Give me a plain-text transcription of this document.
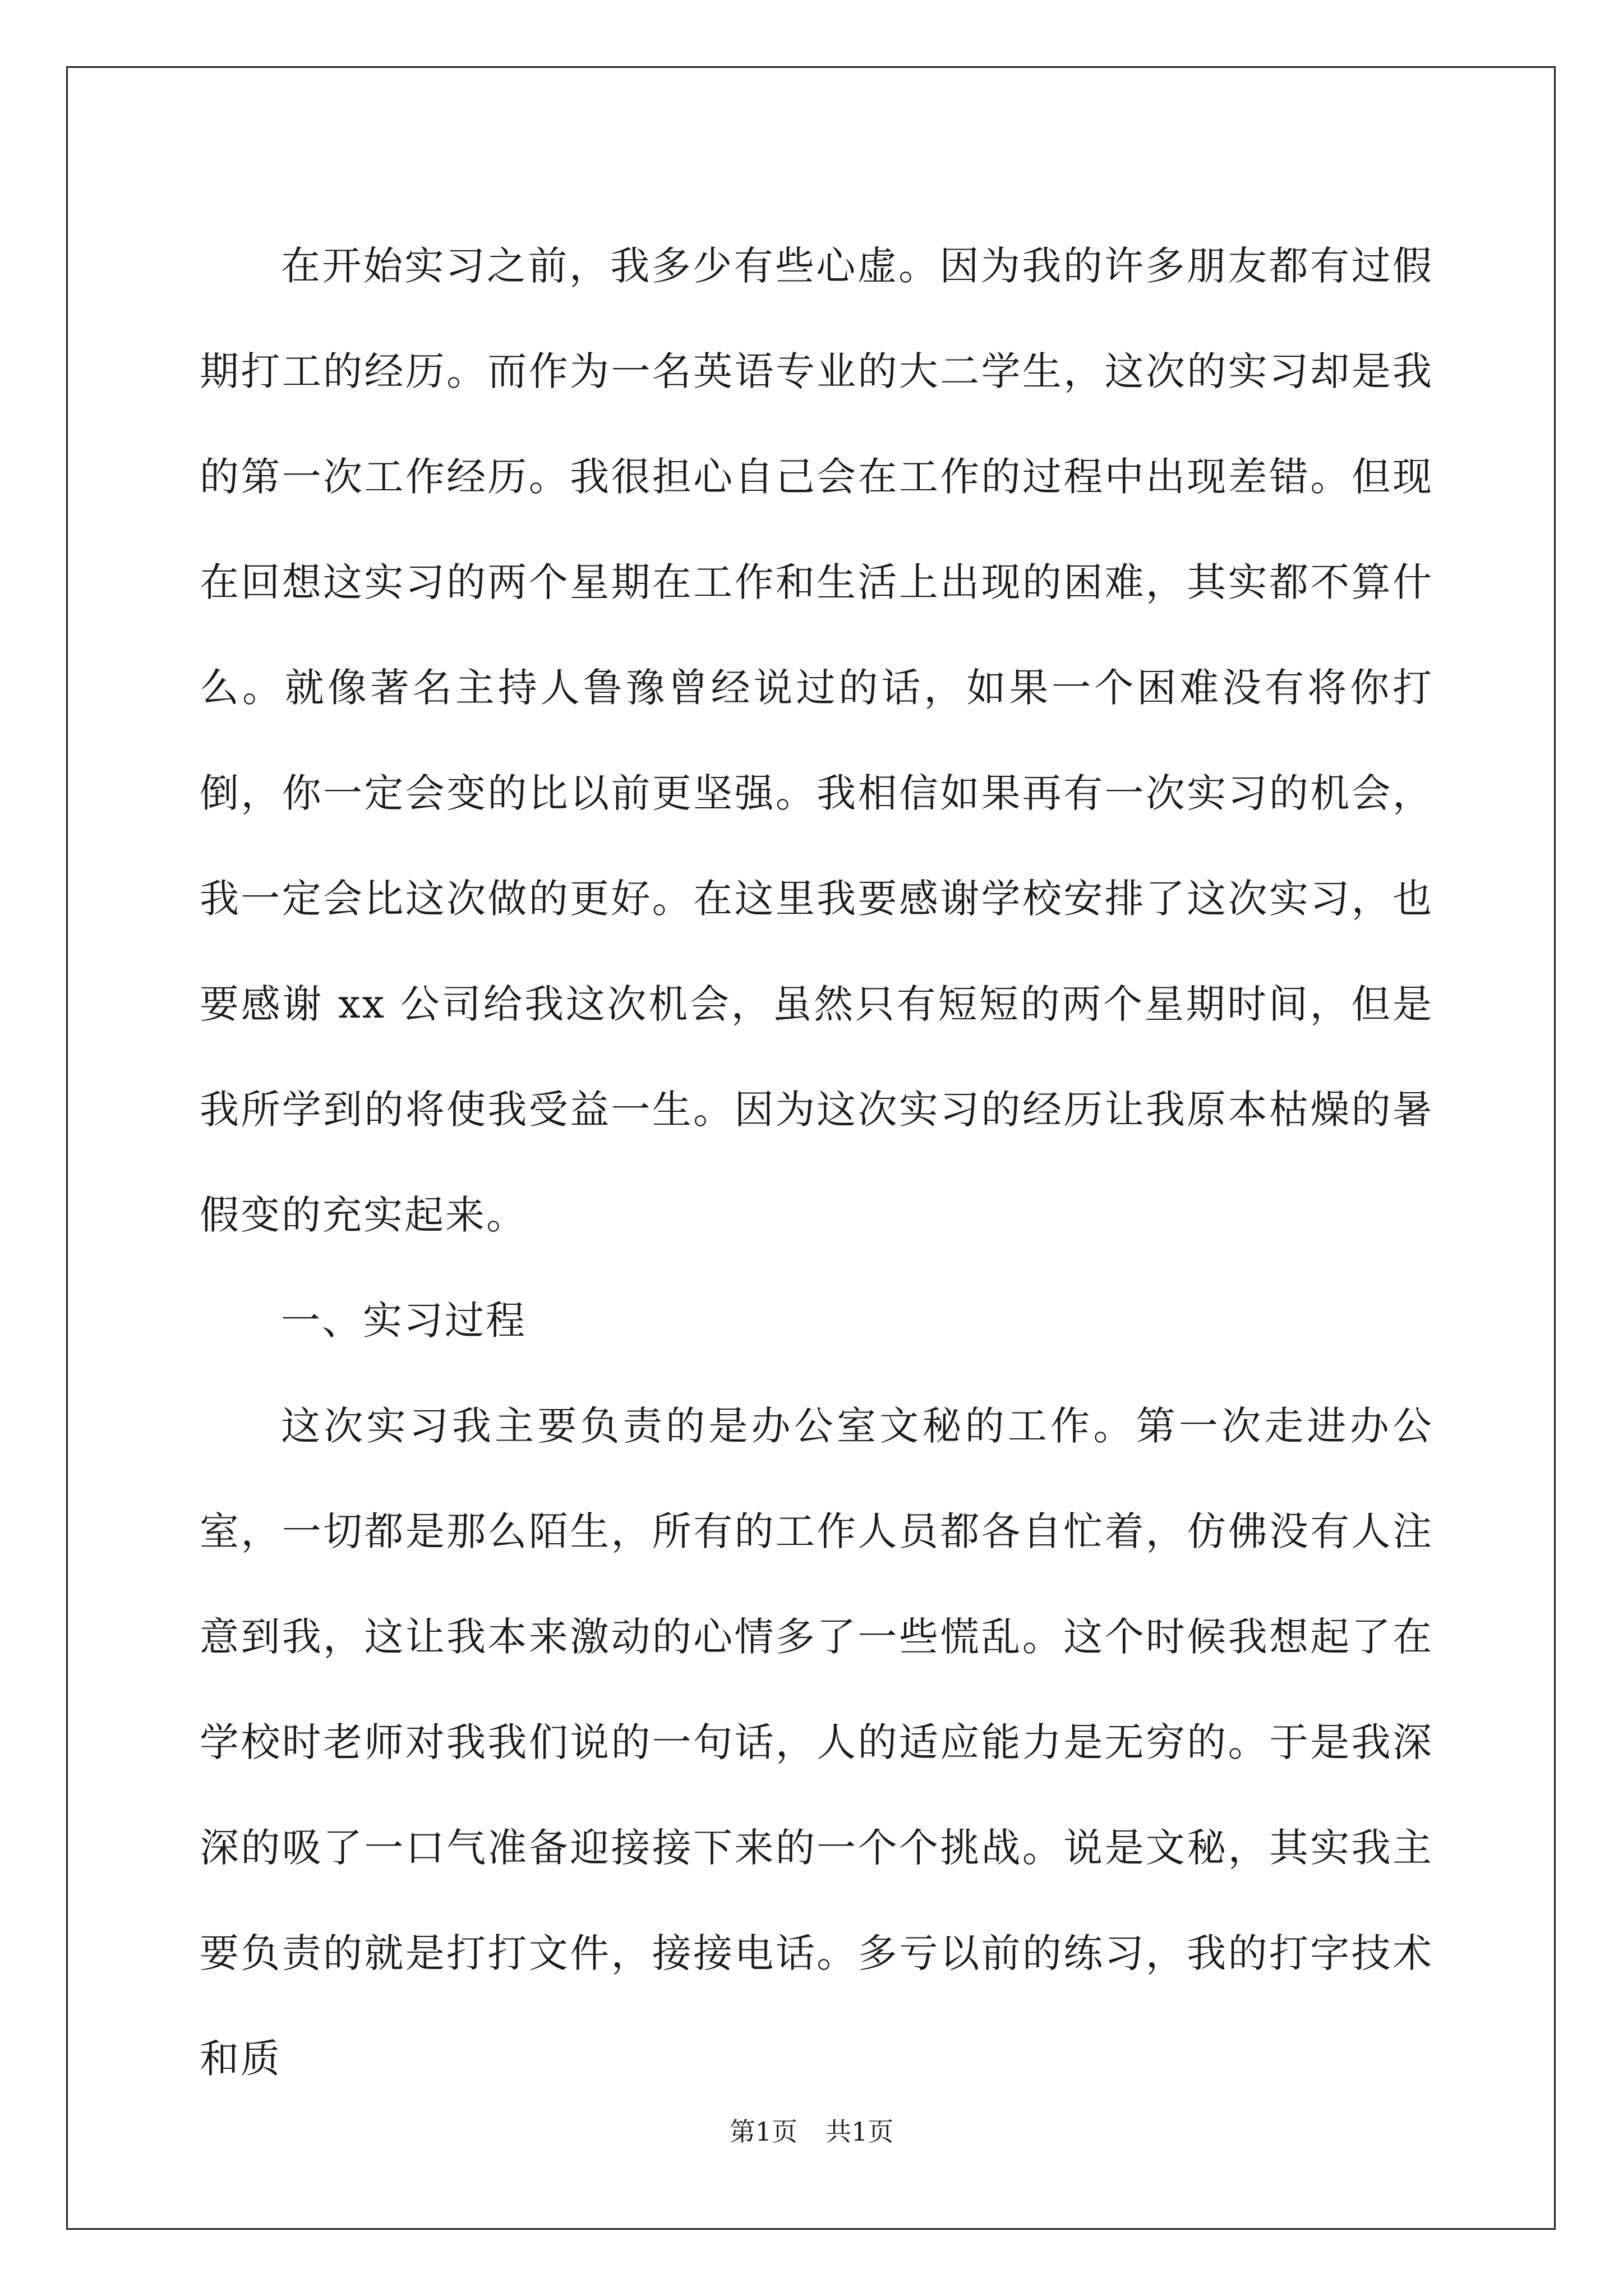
在开始实习之前，我多少有些心虚。因为我的许多朋友都有过假期打工的经历。而作为一名英语专业的大二学生，这次的实习却是我的第一次工作经历。我很担心自己会在工作的过程中出现差错。但现在回想这实习的两个星期在工作和生活上出现的困难，其实都不算什么。就像著名主持人鲁豫曾经说过的话，如果一个困难没有将你打倒，你一定会变的比以前更坚强。我相信如果再有一次实习的机会，我一定会比这次做的更好。在这里我要感谢学校安排了这次实习，也要感谢 xx 公司给我这次机会，虽然只有短短的两个星期时间，但是我所学到的将使我受益一生。因为这次实习的经历让我原本枯燥的暑假变的充实起来。

一、实习过程

这次实习我主要负责的是办公室文秘的工作。第一次走进办公室，一切都是那么陌生，所有的工作人员都各自忙着，仿佛没有人注意到我，这让我本来激动的心情多了一些慌乱。这个时候我想起了在学校时老师对我我们说的一句话，人的适应能力是无穷的。于是我深深的吸了一口气准备迎接接下来的一个个挑战。说是文秘，其实我主要负责的就是打打文件，接接电话。多亏以前的练习，我的打字技术和质

第1页 共1页
